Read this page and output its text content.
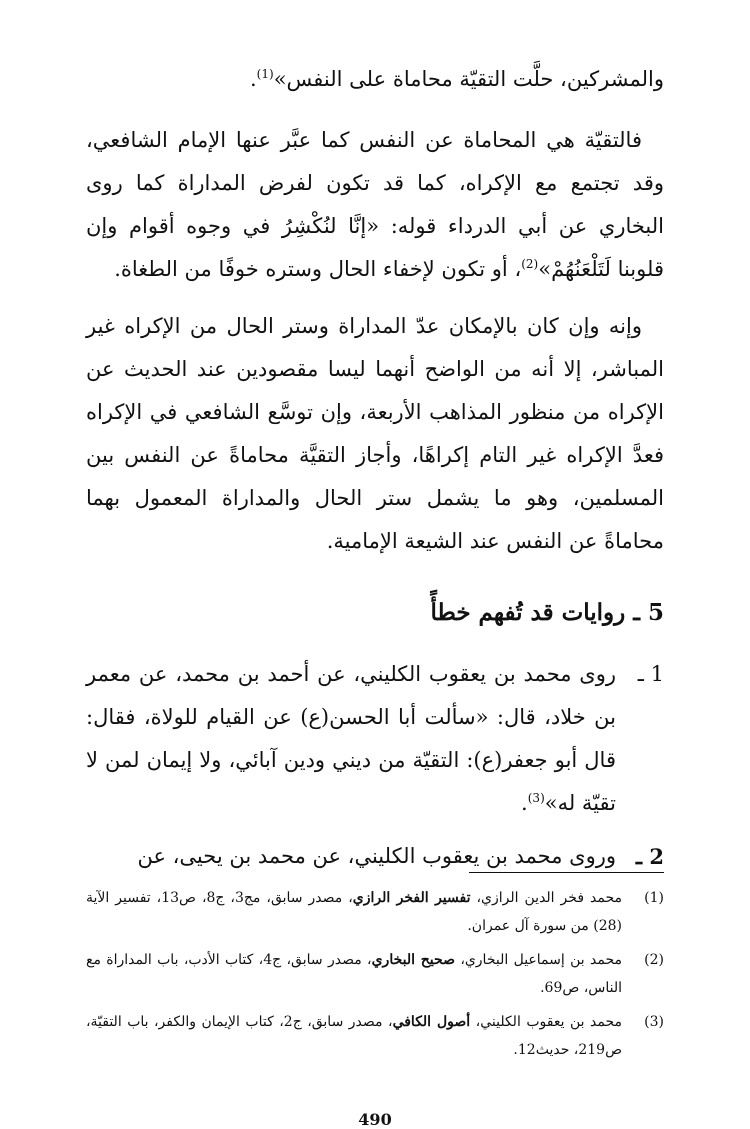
والمشركين، حلَّت التقيّة محاماة على النفس»$^{(1)}$.

فالتقيّة هي المحاماة عن النفس كما عبَّر عنها الإمام الشافعي، وقد تجتمع مع الإكراه، كما قد تكون لفرض المداراة كما روى البخاري عن أبي الدرداء قوله: «إنَّا لنُكْشِرُ في وجوه أقوام وإن قلوبنا لَتَلْعَنُهُمْ»$^{(2)}$، أو تكون لإخفاء الحال وستره خوفًا من الطغاة.

وإنه وإن كان بالإمكان عدّ المداراة وستر الحال من الإكراه غير المباشر، إلا أنه من الواضح أنهما ليسا مقصودين عند الحديث عن الإكراه من منظور المذاهب الأربعة، وإن توسَّع الشافعي في الإكراه فعدَّ الإكراه غير التام إكراهًا، وأجاز التقيَّة محاماةً عن النفس بين المسلمين، وهو ما يشمل ستر الحال والمداراة المعمول بهما محاماةً عن النفس عند الشيعة الإمامية.

5 ـ روايات قد تُفهم خطأً
1 ـ
روى محمد بن يعقوب الكليني، عن أحمد بن محمد، عن معمر بن خلاد، قال: «سألت أبا الحسن(ع) عن القيام للولاة، فقال: قال أبو جعفر(ع): التقيّة من ديني ودين آبائي، ولا إيمان لمن لا تقيّة له»$^{(3)}$.
2 ـ
وروى محمد بن يعقوب الكليني، عن محمد بن يحيى، عن
(1)
محمد فخر الدين الرازي، تفسير الفخر الرازي، مصدر سابق، مج3، ج8، ص13، تفسير الآية (28) من سورة آل عمران.
(2)
محمد بن إسماعيل البخاري، صحيح البخاري، مصدر سابق، ج4، كتاب الأدب، باب المداراة مع الناس، ص69.
(3)
محمد بن يعقوب الكليني، أصول الكافي، مصدر سابق، ج2، كتاب الإيمان والكفر، باب التقيّة، ص219، حديث12.
490
